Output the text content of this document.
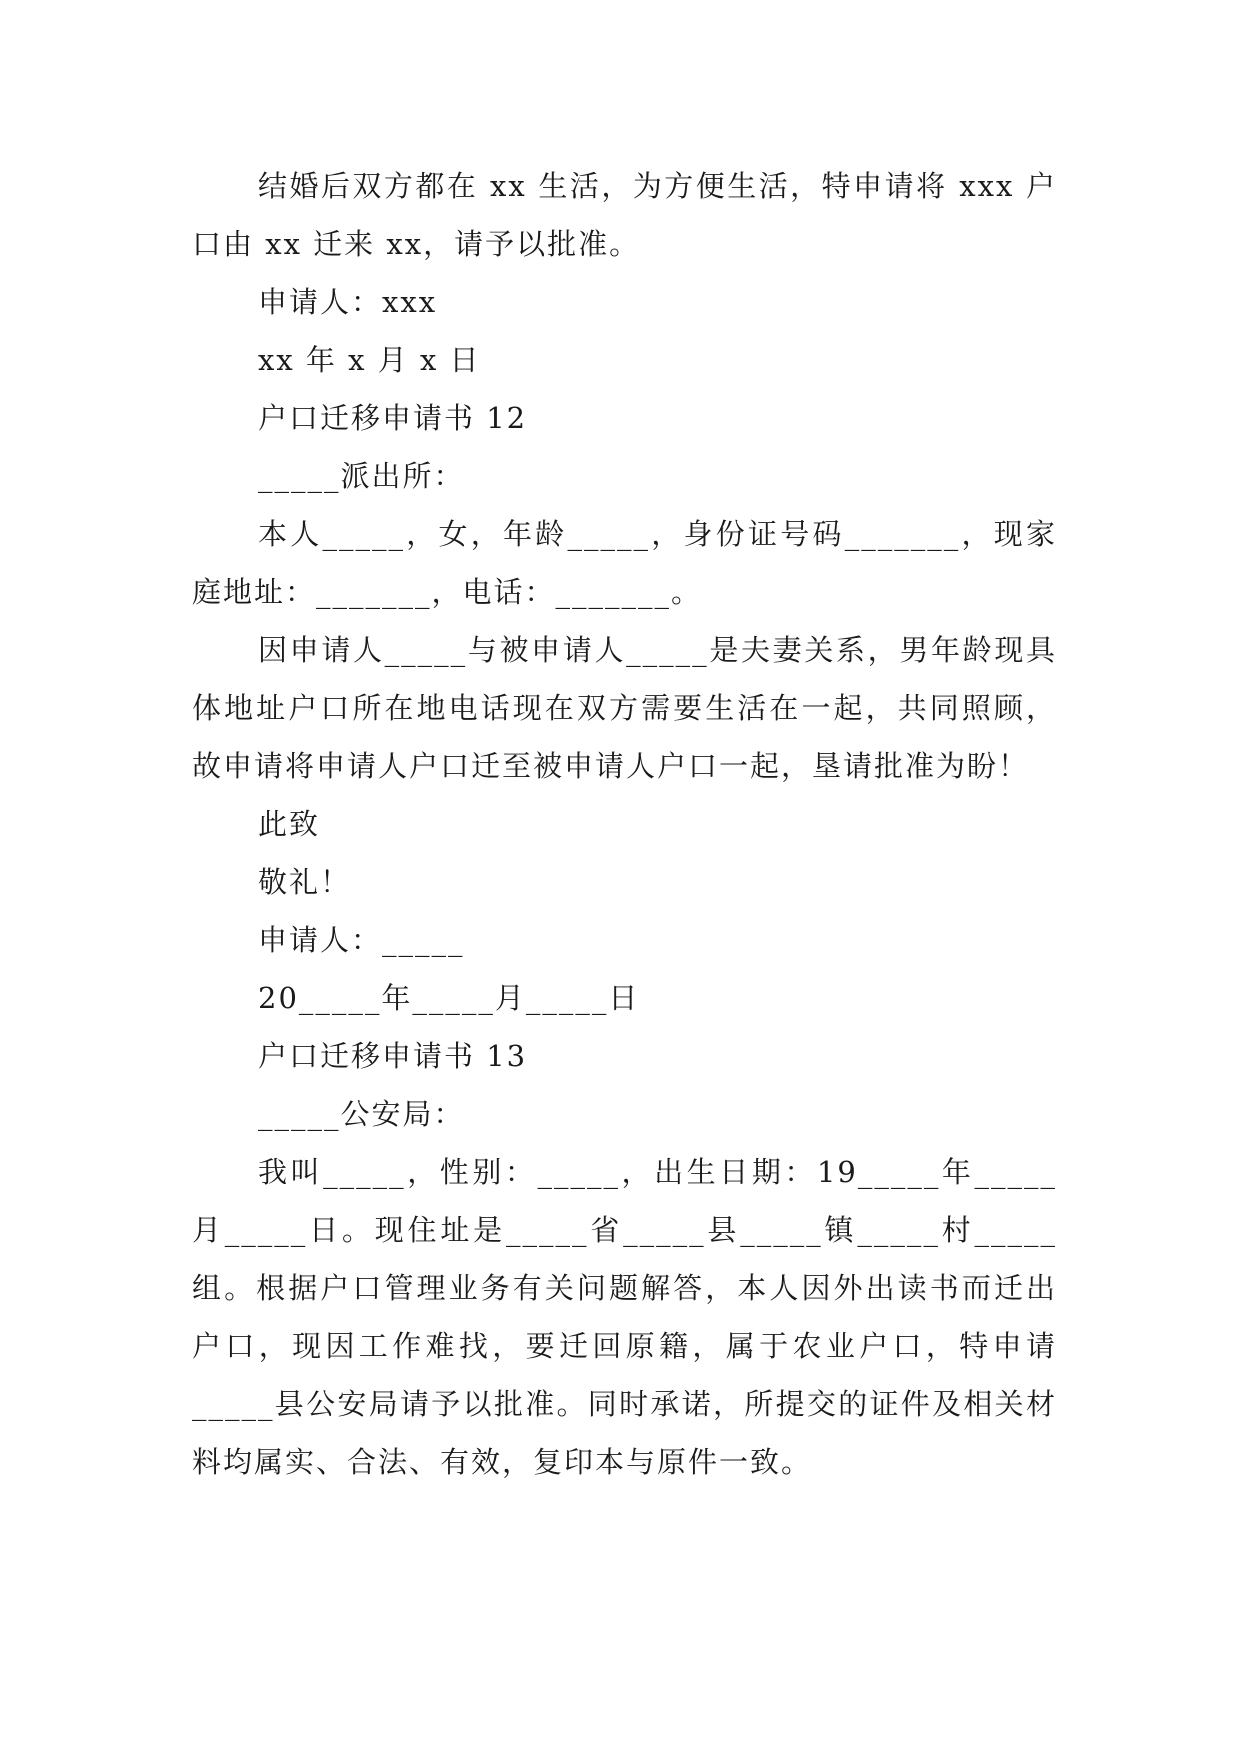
结婚后双方都在 xx 生活，为方便生活，特申请将 xxx 户口由 xx 迁来 xx，请予以批准。

申请人：xxx

xx 年 x 月 x 日

户口迁移申请书 12

_____派出所：

本人_____，女，年龄_____，身份证号码_______，现家庭地址：_______，电话：_______。

因申请人_____与被申请人_____是夫妻关系，男年龄现具体地址户口所在地电话现在双方需要生活在一起，共同照顾，故申请将申请人户口迁至被申请人户口一起，垦请批准为盼！

此致

敬礼！

申请人：_____

20_____年_____月_____日

户口迁移申请书 13

_____公安局：

我叫_____，性别：_____，出生日期：19_____年_____月_____日。现住址是_____省_____县_____镇_____村_____组。根据户口管理业务有关问题解答，本人因外出读书而迁出户口，现因工作难找，要迁回原籍，属于农业户口，特申请_____县公安局请予以批准。同时承诺，所提交的证件及相关材料均属实、合法、有效，复印本与原件一致。
